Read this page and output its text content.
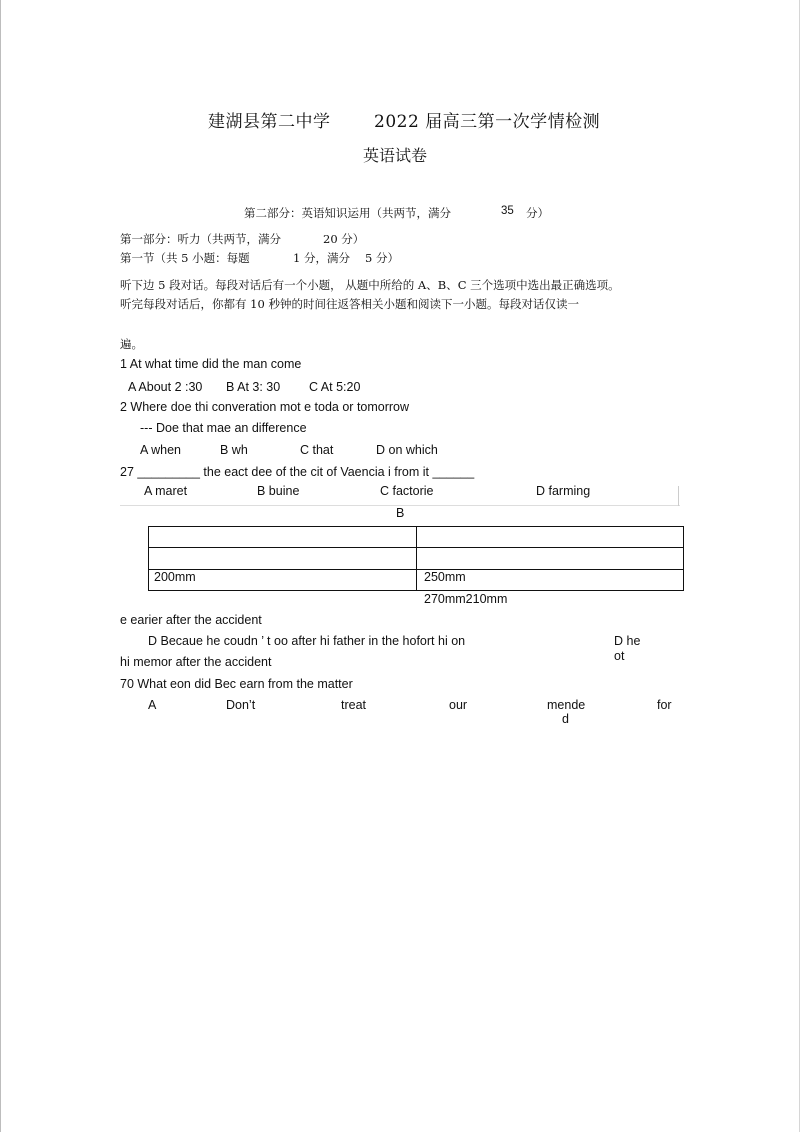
建湖县第二中学	2022 届高三第一次学情检测
英语试卷
第二部分：英语知识运用（共两节，满分	35 分）
第一部分：听力（共两节，满分	20 分）
第一节（共 5 小题：每题	1 分，满分 5 分）
听下边 5 段对话。每段对话后有一个小题， 从题中所给的 A、B、C 三个选项中选出最正确选项。
听完每段对话后，你都有 10 秒钟的时间往返答相关小题和阅读下一小题。每段对话仅读一
遍。
1 At what time did the man come
A About 2 :30 B At 3: 30 C At 5:20
2 Where doe thi converation mot e toda or tomorrow
--- Doe that mae an difference
A when	B wh	C that	D on which
27 _________ the eact dee of the cit of Vaencia i from it ______
A maret	B buine	C factorie	D farming
B
200mm	250mm
270mm210mm
e earier after the accident
D Becaue he coudn ’ t oo after hi father in the hofort hi on	D he
ot
hi memor after the accident
70 What eon did Bec earn from the matter
A	Don’t	treat	our	mende	for
d
